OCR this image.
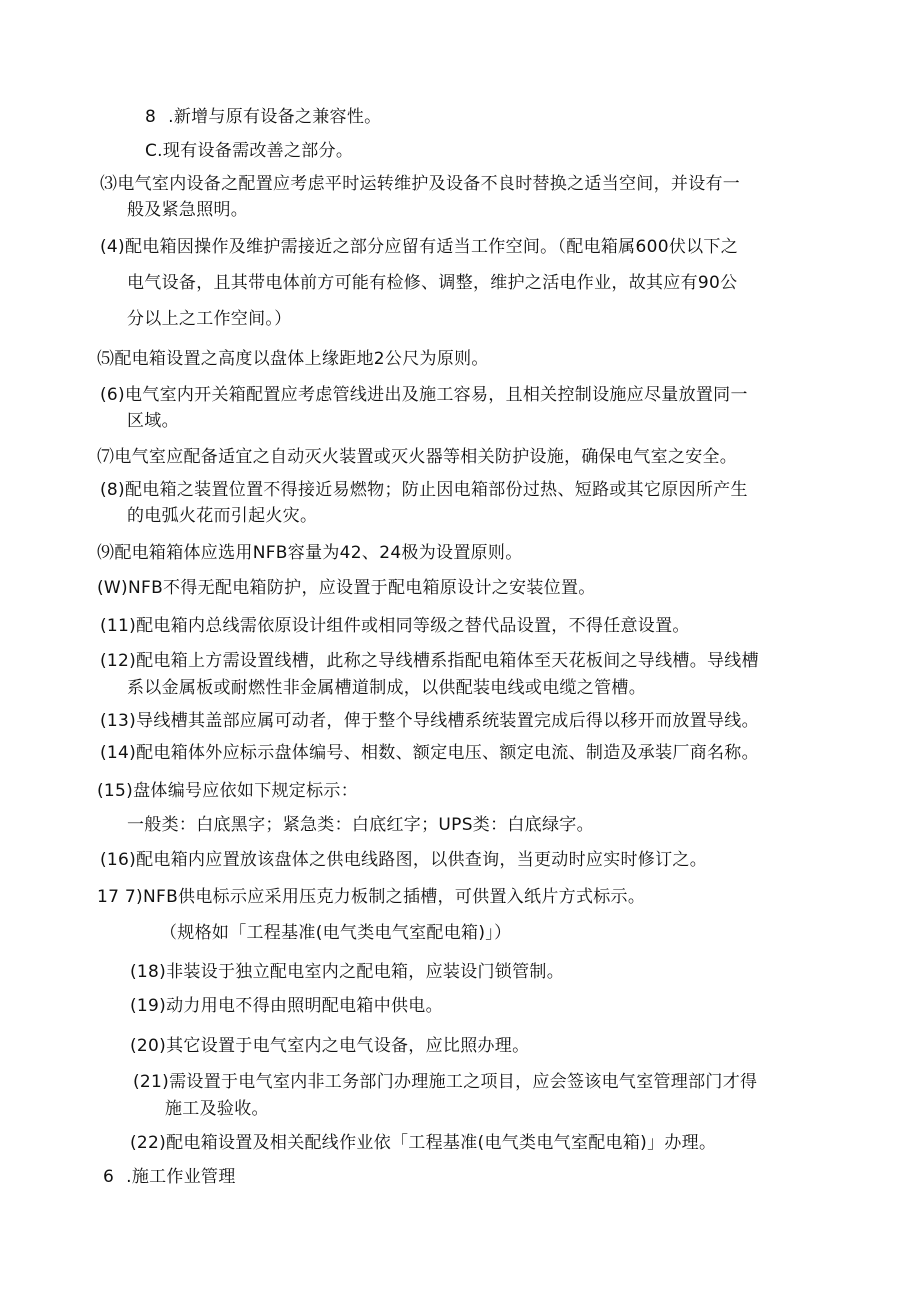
8 .新增与原有设备之兼容性。
C.现有设备需改善之部分。
⑶电气室内设备之配置应考虑平时运转维护及设备不良时替换之适当空间，并设有一
般及紧急照明。
(4)配电箱因操作及维护需接近之部分应留有适当工作空间。（配电箱属600伏以下之
电气设备，且其带电体前方可能有检修、调整，维护之活电作业，故其应有90公
分以上之工作空间。）
⑸配电箱设置之高度以盘体上缘距地2公尺为原则。
(6)电气室内开关箱配置应考虑管线进出及施工容易，且相关控制设施应尽量放置同一
区域。
⑺电气室应配备适宜之自动灭火装置或灭火器等相关防护设施，确保电气室之安全。
(8)配电箱之装置位置不得接近易燃物；防止因电箱部份过热、短路或其它原因所产生
的电弧火花而引起火灾。
⑼配电箱箱体应选用NFB容量为42、24极为设置原则。
(W)NFB不得无配电箱防护，应设置于配电箱原设计之安装位置。
(11)配电箱内总线需依原设计组件或相同等级之替代品设置，不得任意设置。
(12)配电箱上方需设置线槽，此称之导线槽系指配电箱体至天花板间之导线槽。导线槽
系以金属板或耐燃性非金属槽道制成，以供配装电线或电缆之管槽。
(13)导线槽其盖部应属可动者，俾于整个导线槽系统装置完成后得以移开而放置导线。
(14)配电箱体外应标示盘体编号、相数、额定电压、额定电流、制造及承装厂商名称。
(15)盘体编号应依如下规定标示：
一般类：白底黑字；紧急类：白底红字；UPS类：白底绿字。
(16)配电箱内应置放该盘体之供电线路图，以供查询，当更动时应实时修订之。
17 7)NFB供电标示应采用压克力板制之插槽，可供置入纸片方式标示。
（规格如「工程基准(电气类电气室配电箱)」）
(18)非装设于独立配电室内之配电箱，应装设门锁管制。
(19)动力用电不得由照明配电箱中供电。
(20)其它设置于电气室内之电气设备，应比照办理。
(21)需设置于电气室内非工务部门办理施工之项目，应会签该电气室管理部门才得
施工及验收。
(22)配电箱设置及相关配线作业依「工程基准(电气类电气室配电箱)」办理。
6 .施工作业管理
